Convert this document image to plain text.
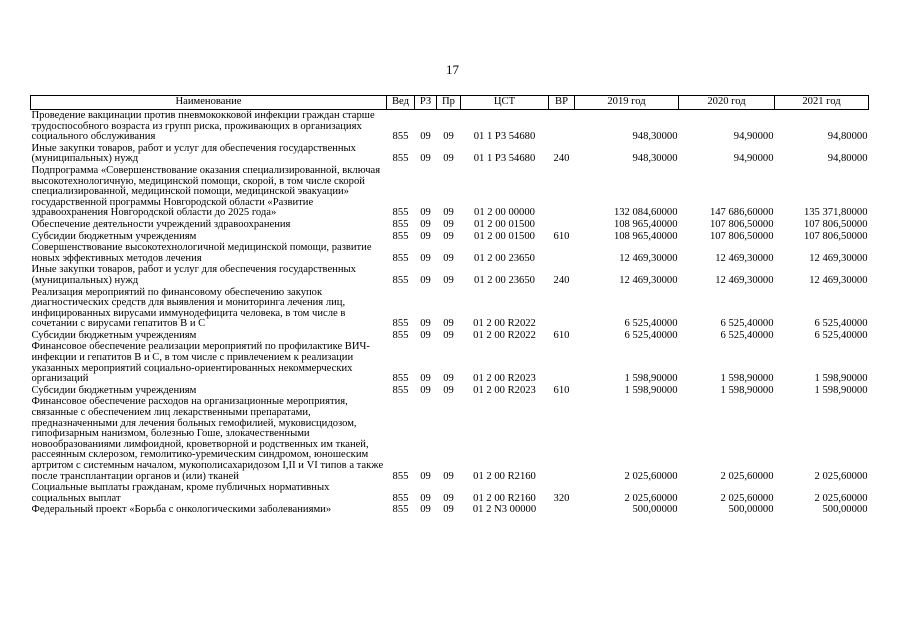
17
Наименование	Вед	РЗ	Пр	ЦСТ	ВР	2019 год	2020 год	2021 год
Проведение вакцинации против пневмококковой инфекции граждан старше трудоспособного возраста из групп риска, проживающих в организациях социального обслуживания	855	09	09	01 1 Р3 54680		948,30000	94,90000	94,80000
Иные закупки товаров, работ и услуг для обеспечения государственных (муниципальных) нужд	855	09	09	01 1 Р3 54680	240	948,30000	94,90000	94,80000
Подпрограмма «Совершенствование оказания специализированной, включая высокотехнологичную, медицинской помощи, скорой, в том числе скорой специализированной, медицинской помощи, медицинской эвакуации» государственной программы Новгородской области «Развитие здравоохранения Новгородской области до 2025 года»	855	09	09	01 2 00 00000		132 084,60000	147 686,60000	135 371,80000
Обеспечение деятельности учреждений здравоохранения	855	09	09	01 2 00 01500		108 965,40000	107 806,50000	107 806,50000
Субсидии бюджетным учреждениям	855	09	09	01 2 00 01500	610	108 965,40000	107 806,50000	107 806,50000
Совершенствование высокотехнологичной медицинской помощи, развитие новых эффективных методов лечения	855	09	09	01 2 00 23650		12 469,30000	12 469,30000	12 469,30000
Иные закупки товаров, работ и услуг для обеспечения государственных (муниципальных) нужд	855	09	09	01 2 00 23650	240	12 469,30000	12 469,30000	12 469,30000
Реализация мероприятий по финансовому обеспечению закупок диагностических средств для выявления и мониторинга лечения лиц, инфицированных вирусами иммунодефицита человека, в том числе в сочетании с вирусами гепатитов В и С	855	09	09	01 2 00 R2022		6 525,40000	6 525,40000	6 525,40000
Субсидии бюджетным учреждениям	855	09	09	01 2 00 R2022	610	6 525,40000	6 525,40000	6 525,40000
Финансовое обеспечение реализации мероприятий по профилактике ВИЧ-инфекции и гепатитов В и С, в том числе с привлечением к реализации указанных мероприятий социально-ориентированных некоммерческих организаций	855	09	09	01 2 00 R2023		1 598,90000	1 598,90000	1 598,90000
Субсидии бюджетным учреждениям	855	09	09	01 2 00 R2023	610	1 598,90000	1 598,90000	1 598,90000
Финансовое обеспечение расходов на организационные мероприятия, связанные с обеспечением лиц лекарственными препаратами, предназначенными для лечения больных гемофилией, муковисцидозом, гипофизарным нанизмом, болезнью Гоше, злокачественными новообразованиями лимфоидной, кроветворной и родственных им тканей, рассеянным склерозом, гемолитико-уремическим синдромом, юношеским артритом с системным началом, мукополисахаридозом I,II и VI типов а также после трансплантации органов и (или) тканей	855	09	09	01 2 00 R2160		2 025,60000	2 025,60000	2 025,60000
Социальные выплаты гражданам, кроме публичных нормативных социальных выплат	855	09	09	01 2 00 R2160	320	2 025,60000	2 025,60000	2 025,60000
Федеральный проект «Борьба с онкологическими заболеваниями»	855	09	09	01 2 N3 00000		500,00000	500,00000	500,00000
